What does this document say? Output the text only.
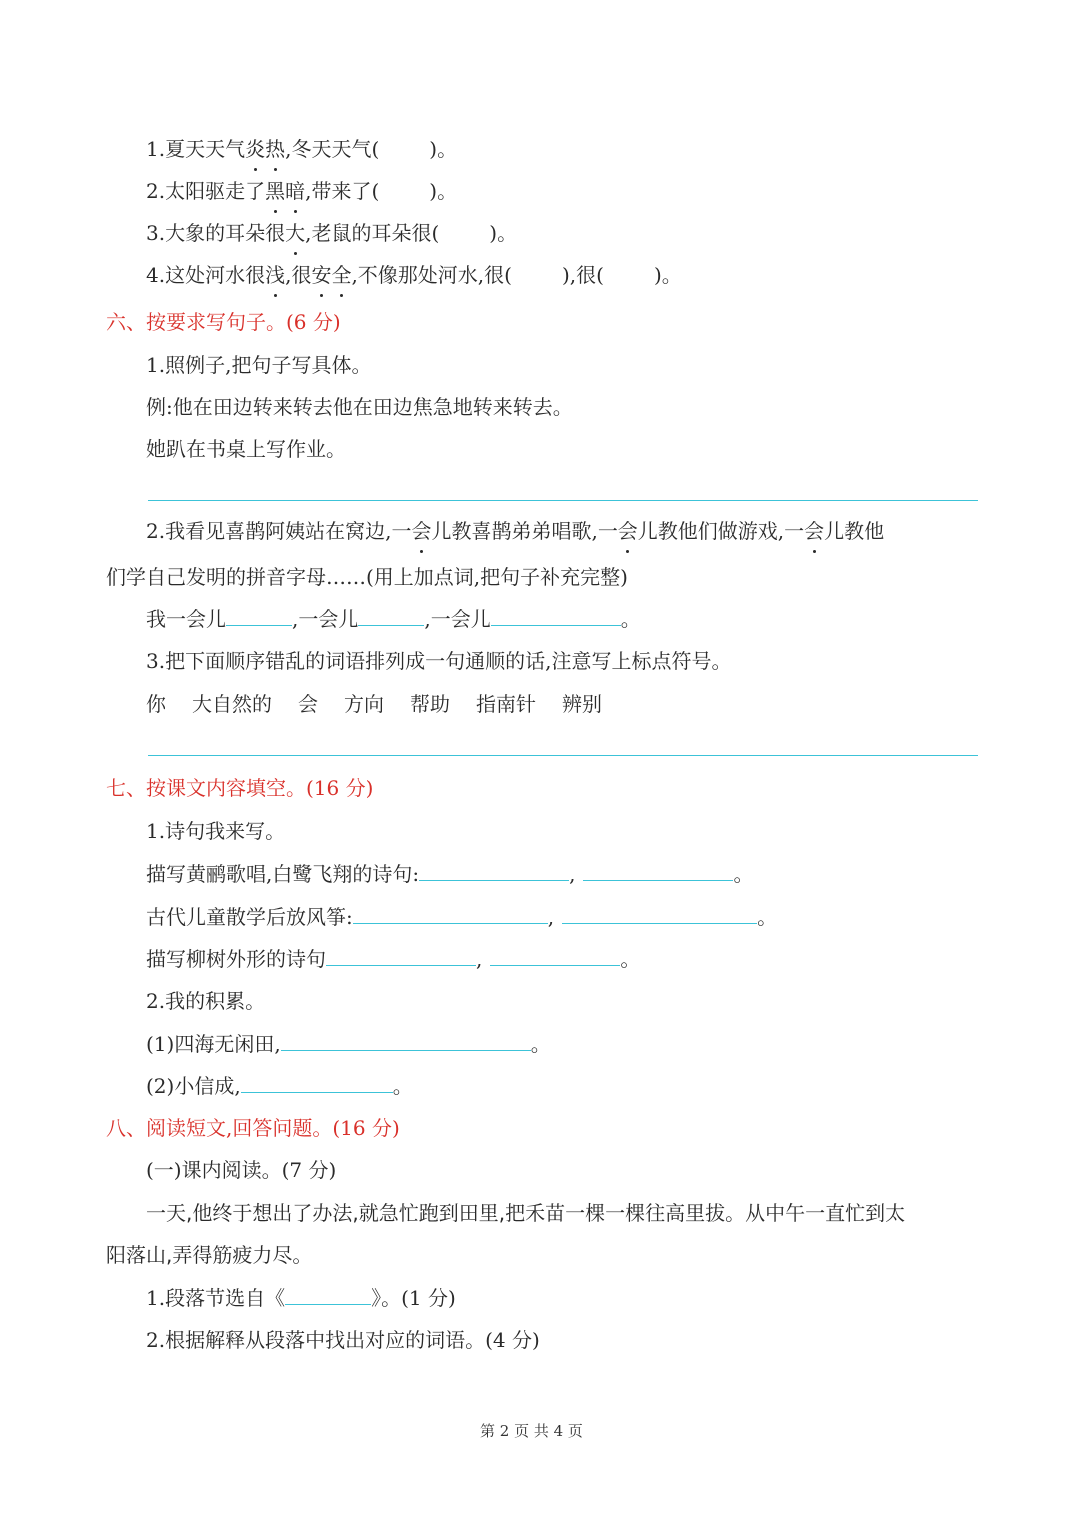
1.夏天天气炎热,冬天天气(	)。
2.太阳驱走了黑暗,带来了(	)。
3.大象的耳朵很大,老鼠的耳朵很(	)。
4.这处河水很浅,很安全,不像那处河水,很(	),很(	)。
六、按要求写句子。(6 分)
1.照例子,把句子写具体。
例:他在田边转来转去他在田边焦急地转来转去。
她趴在书桌上写作业。
2.我看见喜鹊阿姨站在窝边,一会儿教喜鹊弟弟唱歌,一会儿教他们做游戏,一会儿教他
们学自己发明的拼音字母……(用上加点词,把句子补充完整)
我一会儿	,一会儿	,一会儿	。
3.把下面顺序错乱的词语排列成一句通顺的话,注意写上标点符号。
你 大自然的 会 方向 帮助 指南针 辨别
七、按课文内容填空。(16 分)
1.诗句我来写。
描写黄鹂歌唱,白鹭飞翔的诗句:	,	。
古代儿童散学后放风筝:	,	。
描写柳树外形的诗句	,	。
2.我的积累。
(1)四海无闲田,	。
(2)小信成,	。
八、阅读短文,回答问题。(16 分)
(一)课内阅读。(7 分)
一天,他终于想出了办法,就急忙跑到田里,把禾苗一棵一棵往高里拔。从中午一直忙到太
阳落山,弄得筋疲力尽。
1.段落节选自《	》。(1 分)
2.根据解释从段落中找出对应的词语。(4 分)
第 2 页 共 4 页
